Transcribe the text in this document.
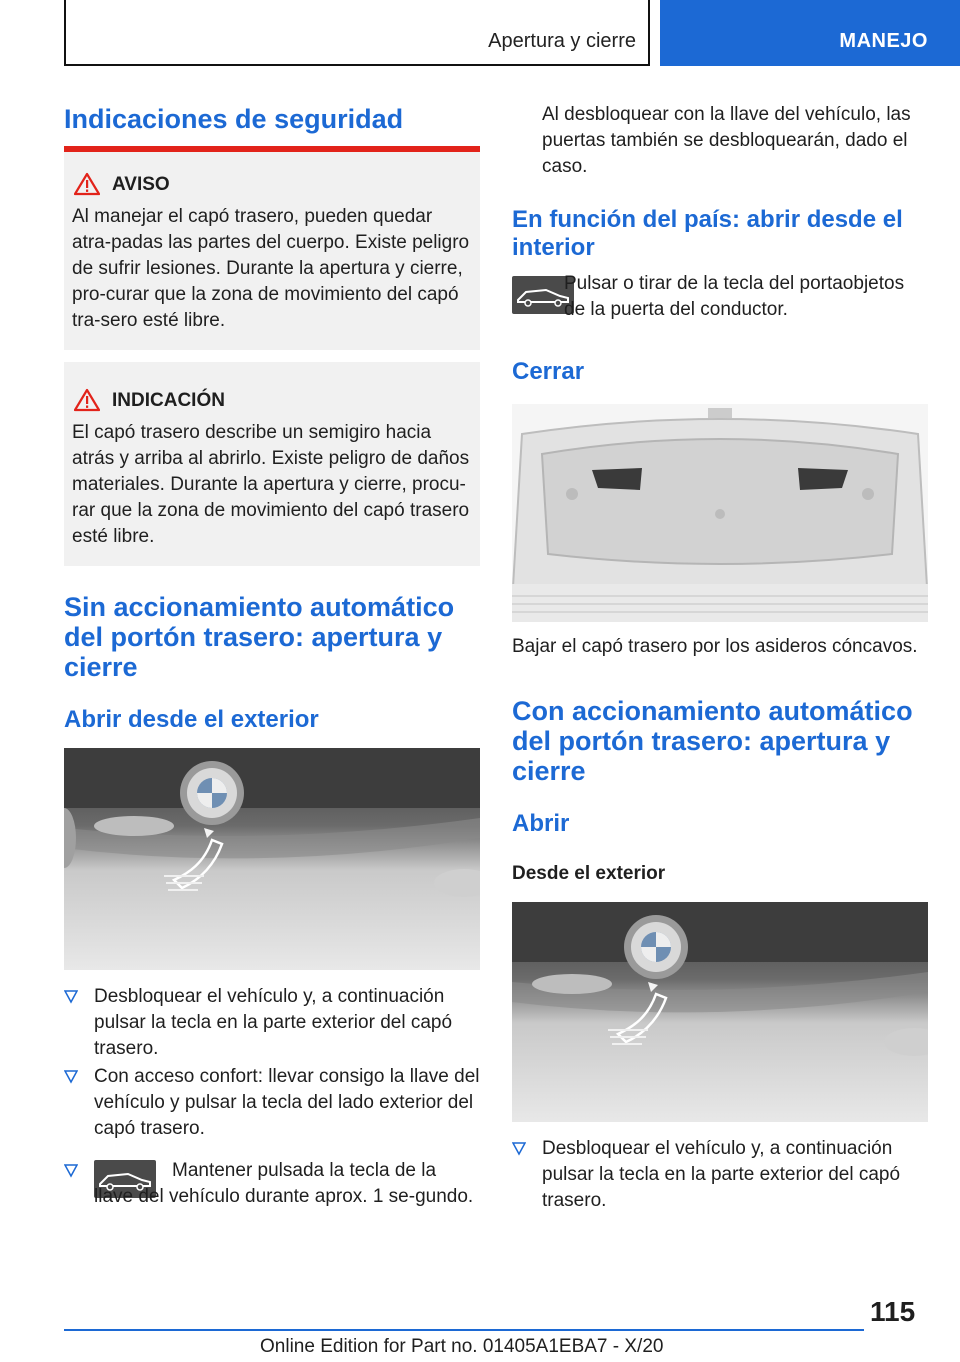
Apertura y cierre	MANEJO
Indicaciones de seguridad
AVISO

Al manejar el capó trasero, pueden quedar atra-padas las partes del cuerpo. Existe peligro de sufrir lesiones. Durante la apertura y cierre, pro-curar que la zona de movimiento del capó tra-sero esté libre.

INDICACIÓN

El capó trasero describe un semigiro hacia atrás y arriba al abrirlo. Existe peligro de daños materiales. Durante la apertura y cierre, procu-rar que la zona de movimiento del capó trasero esté libre.

Sin accionamiento automático del portón trasero: apertura y cierre
Abrir desde el exterior
Desbloquear el vehículo y, a continuación pulsar la tecla en la parte exterior del capó trasero.
Con acceso confort: llevar consigo la llave del vehículo y pulsar la tecla del lado exterior del capó trasero.
Mantener pulsada la tecla de la llave del vehículo durante aprox. 1 se-gundo.

Al desbloquear con la llave del vehículo, las puertas también se desbloquearán, dado el caso.

En función del país: abrir desde el interior

Pulsar o tirar de la tecla del portaobjetos de la puerta del conductor.

Cerrar

Bajar el capó trasero por los asideros cóncavos.

Con accionamiento automático del portón trasero: apertura y cierre
Abrir
Desde el exterior
Desbloquear el vehículo y, a continuación pulsar la tecla en la parte exterior del capó trasero.
115
Online Edition for Part no. 01405A1EBA7 - X/20
